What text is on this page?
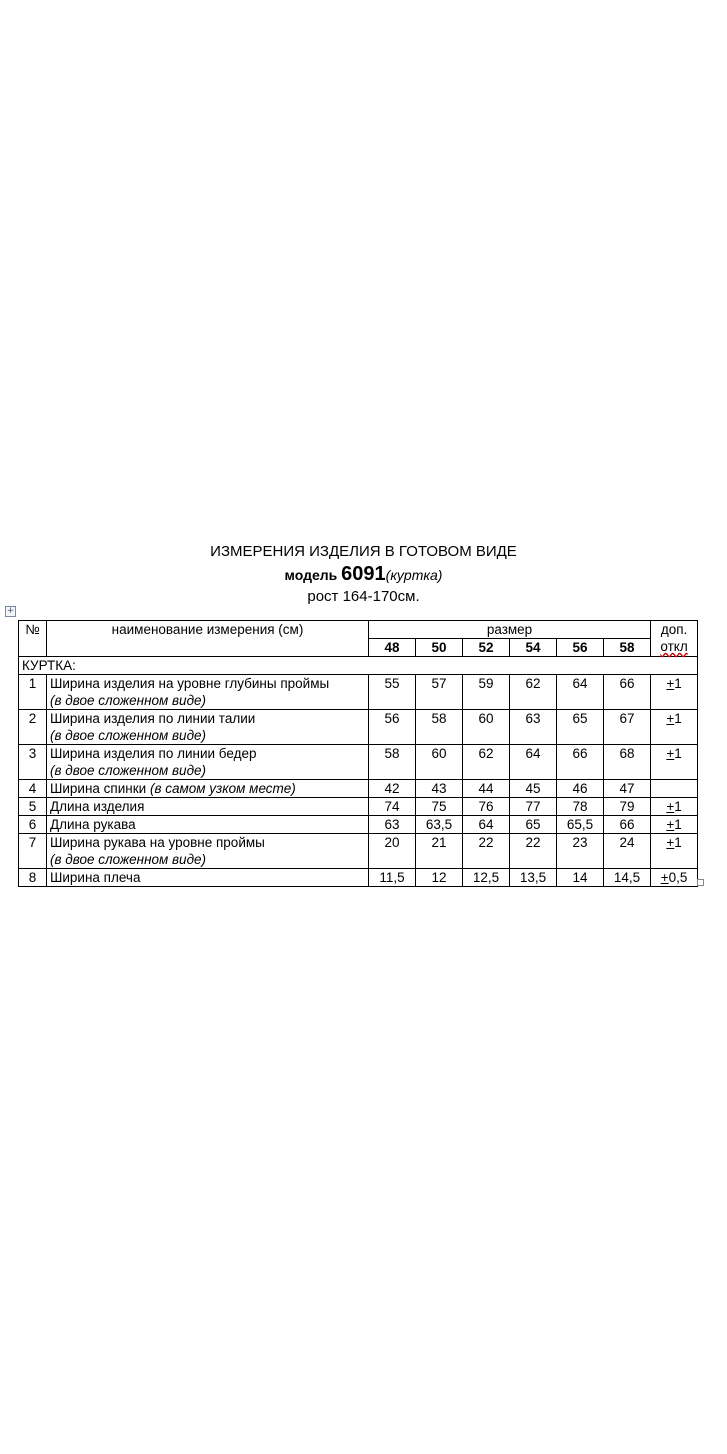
ИЗМЕРЕНИЯ ИЗДЕЛИЯ В ГОТОВОМ ВИДЕ
модель 6091(куртка)
рост 164-170см.
+
№	наименование измерения (см)	размер						доп.
откл

		48	50	52	54	56	58	
КУРТКА:								
1	Ширина изделия на уровне глубины проймы
(в двое сложенном виде)	55	57	59	62	64	66	+1
2	Ширина изделия по линии талии
(в двое сложенном виде)	56	58	60	63	65	67	+1
3	Ширина изделия по линии бедер
(в двое сложенном виде)	58	60	62	64	66	68	+1
4	Ширина спинки (в самом узком месте)	42	43	44	45	46	47	
5	Длина изделия	74	75	76	77	78	79	+1
6	Длина рукава	63	63,5	64	65	65,5	66	+1
7	Ширина рукава на уровне проймы
(в двое сложенном виде)	20	21	22	22	23	24	+1
8	Ширина плеча	11,5	12	12,5	13,5	14	14,5	+0,5
